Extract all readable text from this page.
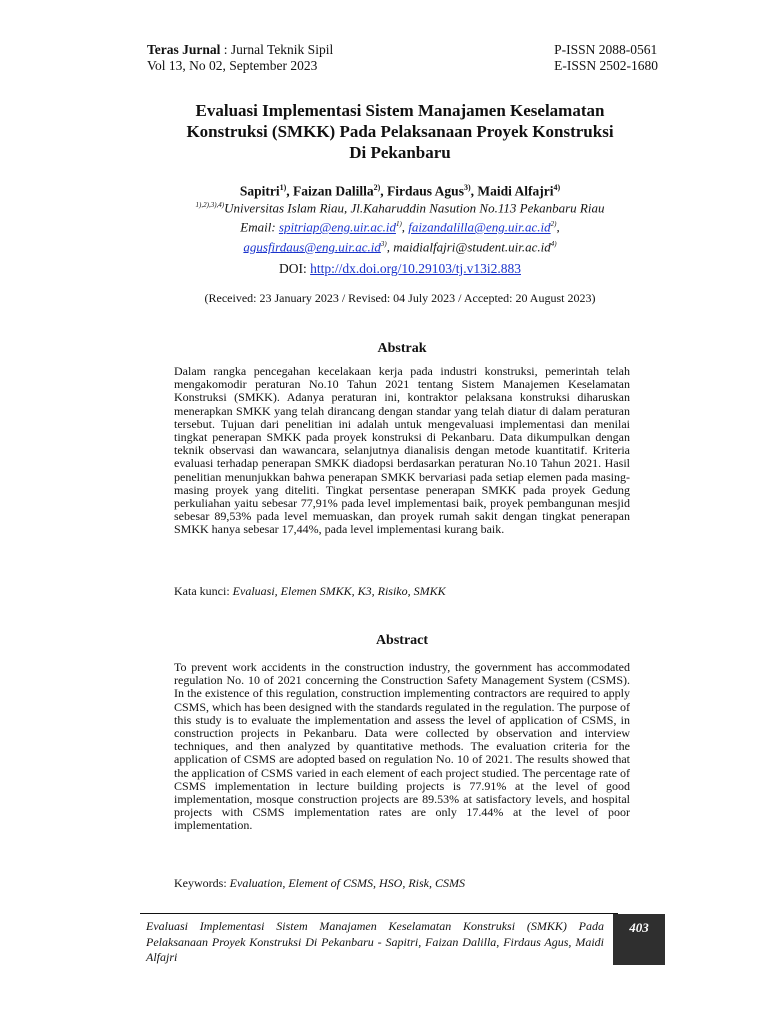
Teras Jurnal : Jurnal Teknik Sipil
Vol 13, No 02, September 2023
P-ISSN 2088-0561
E-ISSN 2502-1680
Evaluasi Implementasi Sistem Manajamen Keselamatan
Konstruksi (SMKK) Pada Pelaksanaan Proyek Konstruksi
Di Pekanbaru
Sapitri$^{1)}$, Faizan Dalilla$^{2)}$, Firdaus Agus$^{3)}$, Maidi Alfajri$^{4)}$
$^{1),2),3),4)}$Universitas Islam Riau, Jl.Kaharuddin Nasution No.113 Pekanbaru Riau
Email: $spitriap@eng.uir.ac.id^{1)}$, $faizandalilla@eng.uir.ac.id^{2)}$,
$agusfirdaus@eng.uir.ac.id^{3)}$, $maidialfajri@student.uir.ac.id^{4)}$
DOI: http://dx.doi.org/10.29103/tj.v13i2.883
(Received: 23 January 2023 / Revised: 04 July 2023 / Accepted: 20 August 2023)
Abstrak
Dalam rangka pencegahan kecelakaan kerja pada industri konstruksi, pemerintah telah mengakomodir peraturan No.10 Tahun 2021 tentang Sistem Manajemen Keselamatan Konstruksi (SMKK). Adanya peraturan ini, kontraktor pelaksana konstruksi diharuskan menerapkan SMKK yang telah dirancang dengan standar yang telah diatur di dalam peraturan tersebut. Tujuan dari penelitian ini adalah untuk mengevaluasi implementasi dan menilai tingkat penerapan SMKK pada proyek konstruksi di Pekanbaru. Data dikumpulkan dengan teknik observasi dan wawancara, selanjutnya dianalisis dengan metode kuantitatif. Kriteria evaluasi terhadap penerapan SMKK diadopsi berdasarkan peraturan No.10 Tahun 2021. Hasil penelitian menunjukkan bahwa penerapan SMKK bervariasi pada setiap elemen pada masing-masing proyek yang diteliti. Tingkat persentase penerapan SMKK pada proyek Gedung perkuliahan yaitu sebesar 77,91% pada level implementasi baik, proyek pembangunan mesjid sebesar 89,53% pada level memuaskan, dan proyek rumah sakit dengan tingkat penerapan SMKK hanya sebesar 17,44%, pada level implementasi kurang baik.
Kata kunci: Evaluasi, Elemen SMKK, K3, Risiko, SMKK
Abstract
To prevent work accidents in the construction industry, the government has accommodated regulation No. 10 of 2021 concerning the Construction Safety Management System (CSMS). In the existence of this regulation, construction implementing contractors are required to apply CSMS, which has been designed with the standards regulated in the regulation. The purpose of this study is to evaluate the implementation and assess the level of application of CSMS, in construction projects in Pekanbaru. Data were collected by observation and interview techniques, and then analyzed by quantitative methods. The evaluation criteria for the application of CSMS are adopted based on regulation No. 10 of 2021. The results showed that the application of CSMS varied in each element of each project studied. The percentage rate of CSMS implementation in lecture building projects is 77.91% at the level of good implementation, mosque construction projects are 89.53% at satisfactory levels, and hospital projects with CSMS implementation rates are only 17.44% at the level of poor implementation.
Keywords: Evaluation, Element of CSMS, HSO, Risk, CSMS
Evaluasi Implementasi Sistem Manajamen Keselamatan Konstruksi (SMKK) Pada Pelaksanaan Proyek Konstruksi Di Pekanbaru - Sapitri, Faizan Dalilla, Firdaus Agus, Maidi Alfajri
403
